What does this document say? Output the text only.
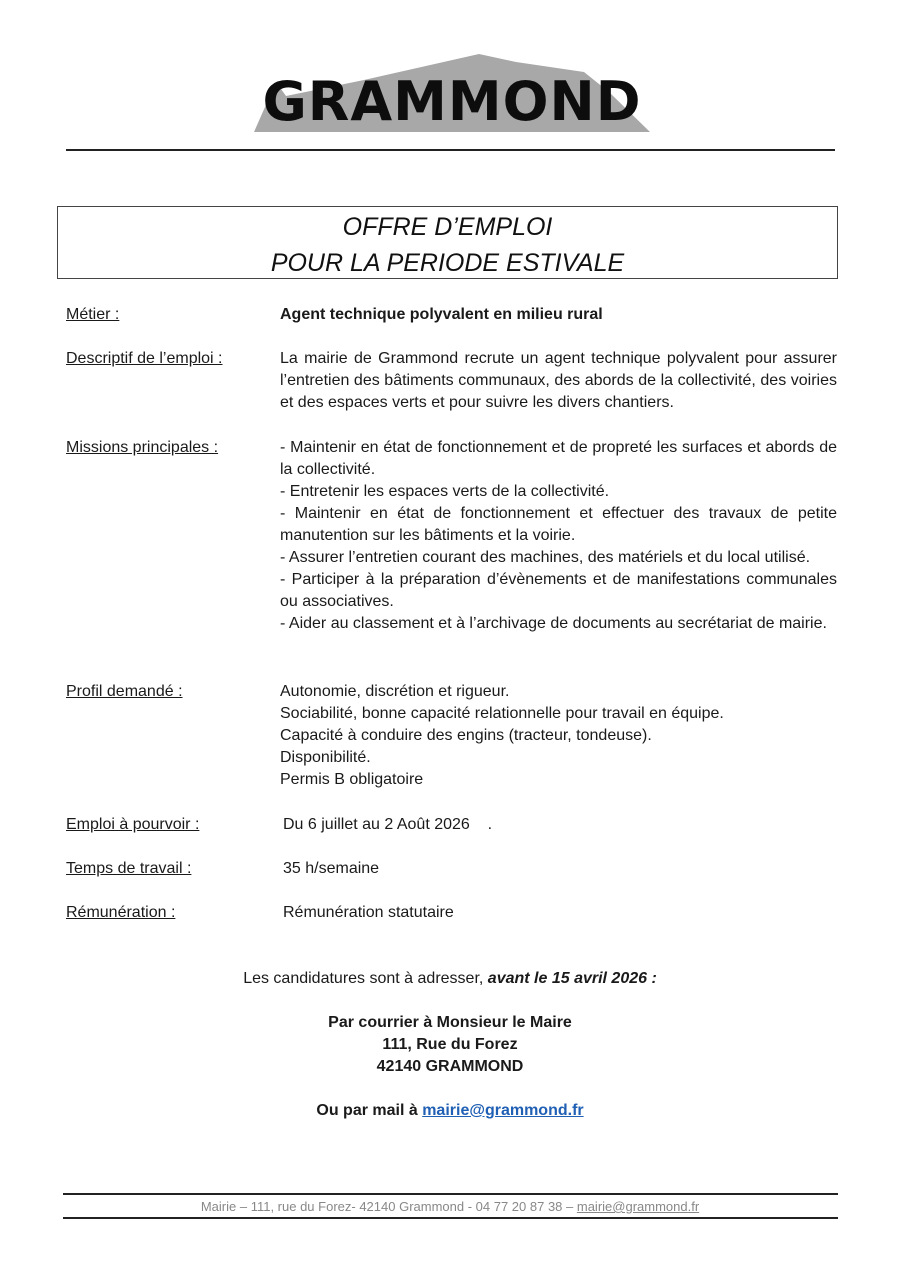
GRAMMOND
OFFRE D’EMPLOI
POUR LA PERIODE ESTIVALE
Métier :	Agent technique polyvalent en milieu rural
Descriptif de l’emploi :	La mairie de Grammond recrute un agent technique polyvalent pour assurer l’entretien des bâtiments communaux, des abords de la collectivité, des voiries et des espaces verts et pour suivre les divers chantiers.
Missions principales :	- Maintenir en état de fonctionnement et de propreté les surfaces et abords de la collectivité.
- Entretenir les espaces verts de la collectivité.
- Maintenir en état de fonctionnement et effectuer des travaux de petite manutention sur les bâtiments et la voirie.
- Assurer l’entretien courant des machines, des matériels et du local utilisé.
- Participer à la préparation d’évènements et de manifestations communales ou associatives.
- Aider au classement et à l’archivage de documents au secrétariat de mairie.
Profil demandé :	Autonomie, discrétion et rigueur.
Sociabilité, bonne capacité relationnelle pour travail en équipe.
Capacité à conduire des engins (tracteur, tondeuse).
Disponibilité.
Permis B obligatoire
Emploi à pourvoir :	Du 6 juillet au 2 Août 2026    .
Temps de travail :	35 h/semaine
Rémunération :	Rémunération statutaire
Les candidatures sont à adresser, avant le 15 avril 2026 :
Par courrier à Monsieur le Maire
111, Rue du Forez
42140 GRAMMOND
Ou par mail à mairie@grammond.fr
Mairie – 111, rue du Forez- 42140 Grammond - 04 77 20 87 38 – mairie@grammond.fr
